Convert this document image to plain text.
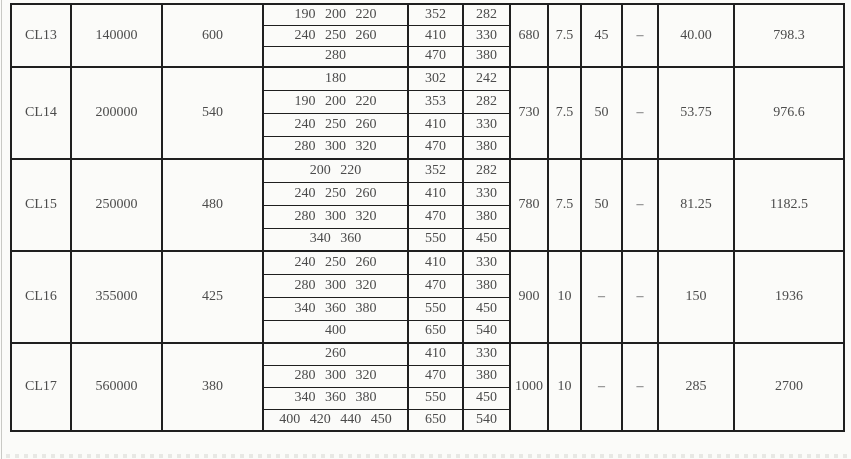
CL13	140000	600	190 200 220	352	282	680	7.5	45	–	40.00	798.3
			240 250 260	410	330						
			280	470	380						
CL14	200000	540	180	302	242	730	7.5	50	–	53.75	976.6
			190 200 220	353	282						
			240 250 260	410	330						
			280 300 320	470	380						
CL15	250000	480	200 220	352	282	780	7.5	50	–	81.25	1182.5
			240 250 260	410	330						
			280 300 320	470	380						
			340 360	550	450						
CL16	355000	425	240 250 260	410	330	900	10	–	–	150	1936
			280 300 320	470	380						
			340 360 380	550	450						
			400	650	540						
CL17	560000	380	260	410	330	1000	10	–	–	285	2700
			280 300 320	470	380						
			340 360 380	550	450						
			400 420 440 450	650	540						
